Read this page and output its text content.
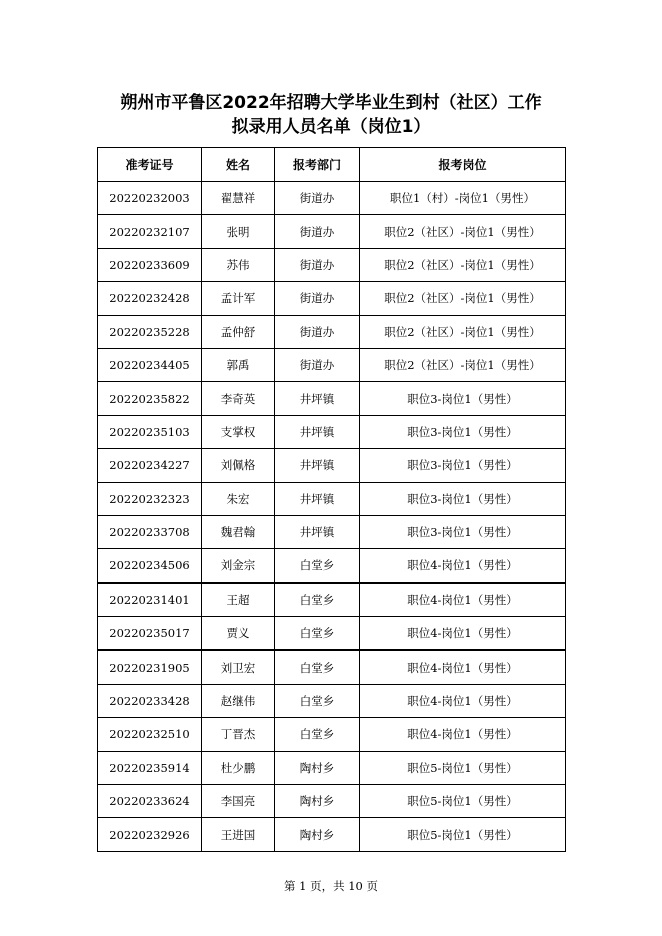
朔州市平鲁区2022年招聘大学毕业生到村（社区）工作
拟录用人员名单（岗位1）
准考证号	姓名	报考部门	报考岗位
20220232003	翟慧祥	街道办	职位1（村）-岗位1（男性）
20220232107	张明	街道办	职位2（社区）-岗位1（男性）
20220233609	苏伟	街道办	职位2（社区）-岗位1（男性）
20220232428	孟计军	街道办	职位2（社区）-岗位1（男性）
20220235228	孟仲舒	街道办	职位2（社区）-岗位1（男性）
20220234405	郭禹	街道办	职位2（社区）-岗位1（男性）
20220235822	李奇英	井坪镇	职位3-岗位1（男性）
20220235103	支掌权	井坪镇	职位3-岗位1（男性）
20220234227	刘佩格	井坪镇	职位3-岗位1（男性）
20220232323	朱宏	井坪镇	职位3-岗位1（男性）
20220233708	魏君翰	井坪镇	职位3-岗位1（男性）
20220234506	刘金宗	白堂乡	职位4-岗位1（男性）
20220231401	王超	白堂乡	职位4-岗位1（男性）
20220235017	贾义	白堂乡	职位4-岗位1（男性）
20220231905	刘卫宏	白堂乡	职位4-岗位1（男性）
20220233428	赵继伟	白堂乡	职位4-岗位1（男性）
20220232510	丁晋杰	白堂乡	职位4-岗位1（男性）
20220235914	杜少鹏	陶村乡	职位5-岗位1（男性）
20220233624	李国亮	陶村乡	职位5-岗位1（男性）
20220232926	王进国	陶村乡	职位5-岗位1（男性）
第 1 页，共 10 页
